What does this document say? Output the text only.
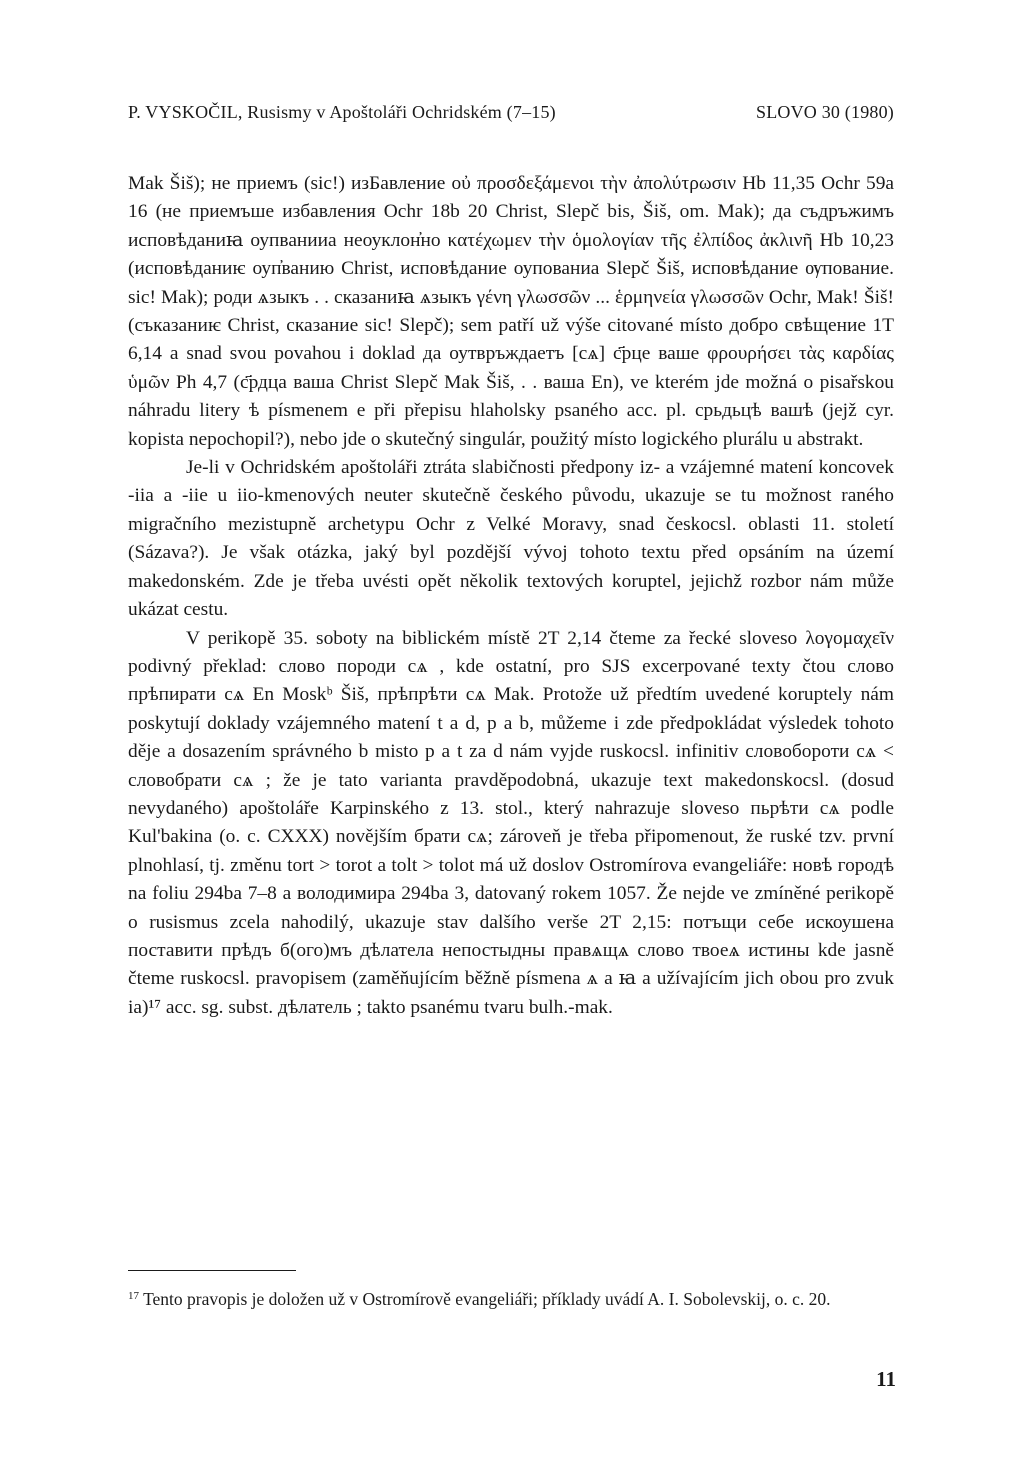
P. VYSKOČIL, Rusismy v Apoštoláři Ochridském (7–15)	SLOVO 30 (1980)

Mak Šiš); не приемъ (sic!) изБавление οὐ προσδεξάμενοι τὴν ἀπολύτρωσιν Hb 11,35 Ochr 59a 16 (не приемъше избавления Ochr 18b 20 Christ, Slepč bis, Šiš, om. Mak); да съдръжимъ исповѣданиꙗ оупванииа неоуклон҆но κατέχωμεν τὴν ὁμολογίαν τῆς ἐλπίδος ἀκλινῆ Hb 10,23 (исповѣданиѥ оуп҆ванию Christ, исповѣдание оупованиа Slepč Šiš, исповѣдание ѹпование. sic! Mak); роди ѧзыкъ . . сказаниꙗ ѧзыкъ γένη γλωσσῶν ... ἑρμηνεία γλωσσῶν Ochr, Mak! Šiš! (съказаниѥ Christ, сказание sic! Slepč); sem patří už výše citované místo добро свѣщение 1T 6,14 a snad svou povahou i doklad да оутвръждаетъ [сѧ] с҃рце ваше φρουρήσει τὰς καρδίας ὑμῶν Ph 4,7 (с҃рдца ваша Christ Slepč Mak Šiš, . . ваша En), ve kterém jde možná o pisařskou náhradu litery ѣ písmenem е při přepisu hlaholsky psaného acc. pl. срьдьцѣ вашѣ (jejž cyr. kopista nepochopil?), nebo jde o skutečný singulár, použitý místo logického plurálu u abstrakt.

Je-li v Ochridském apoštoláři ztráta slabičnosti předpony iz- a vzájemné matení koncovek -iia a -iie u iio-kmenových neuter skutečně českého původu, ukazuje se tu možnost raného migračního mezistupně archetypu Ochr z Velké Moravy, snad českocsl. oblasti 11. století (Sázava?). Je však otázka, jaký byl pozdější vývoj tohoto textu před opsáním na území makedonském. Zde je třeba uvésti opět několik textových koruptel, jejichž rozbor nám může ukázat cestu.

V perikopě 35. soboty na biblickém místě 2T 2,14 čteme za řecké sloveso λογομαχεῖν podivný překlad: слово породи сѧ , kde ostatní, pro SJS excerpované texty čtou слово прѣпирати сѧ En Moskᵇ Šiš, прѣпрѣти сѧ Mak. Protože už předtím uvedené koruptely nám poskytují doklady vzájemného matení t a d, p a b, můžeme i zde předpokládat výsledek tohoto děje a dosazením správného b misto p a t za d nám vyjde ruskocsl. infinitiv словобороти сѧ < словобрати сѧ ; že je tato varianta pravděpodobná, ukazuje text makedonskocsl. (dosud nevydaného) apoštoláře Karpinského z 13. stol., který nahrazuje sloveso пьрѣти сѧ podle Kul'bakina (o. c. CXXX) novějším брати сѧ; zároveň je třeba připomenout, že ruské tzv. první plnohlasí, tj. změnu tort > torot a tolt > tolot má už doslov Ostromírova evangeliáře: новѣ городѣ na foliu 294ba 7–8 a володимира 294ba 3, datovaný rokem 1057. Že nejde ve zmíněné perikopě o rusismus zcela nahodilý, ukazuje stav dalšího verše 2T 2,15: потъщи себе искоушена поставити прѣдъ б(ого)мъ дѣлатела непостыдны правѧщѧ слово твоеѧ истины kde jasně čteme ruskocsl. pravopisem (zaměňujícím běžně písmena ѧ a ꙗ a užívajícím jich obou pro zvuk ia)¹⁷ acc. sg. subst. дѣлатель ; takto psanému tvaru bulh.-mak.

$^{17}$ Tento pravopis je doložen už v Ostromírově evangeliáři; příklady uvádí A. I. Sobolevskij, o. c. 20.
11
